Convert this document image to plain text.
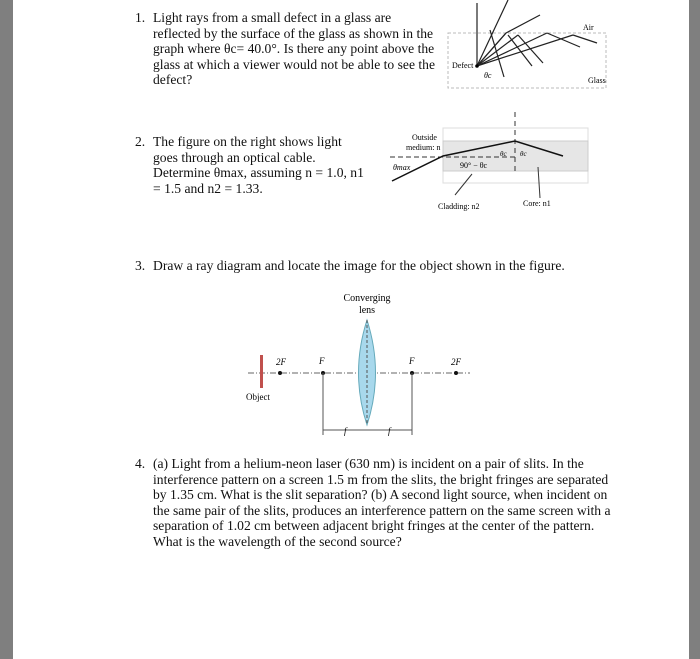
1. Light rays from a small defect in a glass are
reflected by the surface of the glass as shown in the
graph where θc= 40.0°. Is there any point above the
glass at which a viewer would not be able to see the
defect?
Air
Glass
Defect
θc
2. The figure on the right shows light
goes through an optical cable.
Determine θmax, assuming n = 1.0, n1
= 1.5 and n2 = 1.33.
Outside
medium: n
θmax	90° − θc
θc θc
Cladding: n2	Core: n1
3. Draw a ray diagram and locate the image for the object shown in the figure.
Converging
lens
2F	F	F	2F
Object
f	f
4. (a) Light from a helium-neon laser (630 nm) is incident on a pair of slits. In the
interference pattern on a screen 1.5 m from the slits, the bright fringes are separated
by 1.35 cm. What is the slit separation? (b) A second light source, when incident on
the same pair of the slits, produces an interference pattern on the same screen with a
separation of 1.02 cm between adjacent bright fringes at the center of the pattern.
What is the wavelength of the second source?
